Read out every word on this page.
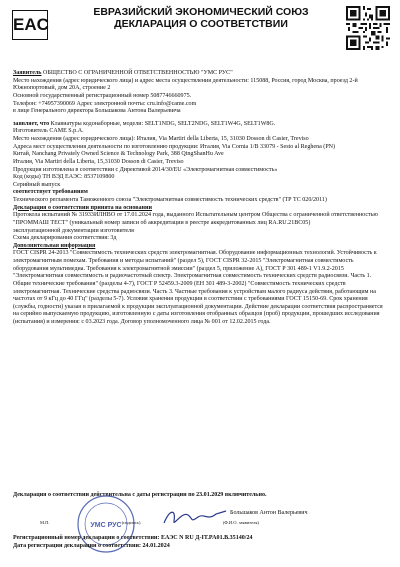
EAC
ЕВРАЗИЙСКИЙ ЭКОНОМИЧЕСКИЙ СОЮЗ
ДЕКЛАРАЦИЯ О СООТВЕТСТВИИ

Заявитель ОБЩЕСТВО С ОГРАНИЧЕННОЙ ОТВЕТСТВЕННОСТЬЮ "УМС РУС"

Место нахождения (адрес юридического лица) и адрес места осуществления деятельности: 115088, Россия, город Москва, проезд 2-й Южнопортовый, дом 20А, строение 2

Основной государственный регистрационный номер 5087746660975.

Телефон: +74957390069 Адрес электронной почты: cru.info@came.com

в лице Генерального директора Большакова Антона Валерьевича

заявляет, что Клавиатуры кодонаборные, модели: SELT1NDG, SELT2NDG, SELT1W4G, SELT1W8G.

Изготовитель CAME S.p.A.

Место нахождения (адрес юридического лица): Италия, Via Martiri della Liberta, 15, 31030 Dosson di Casier, Treviso

Адреса мест осуществления деятельности по изготовлению продукции: Италия, Via Cornia 1/B 33079 - Sesto al Reghena (PN)

Китай, Nanchang Privately Owned Science & Technology Park, 388 QingShanHu Ave

Италия, Via Martiri della Liberta, 15,31030 Dosson di Casier, Treviso

Продукция изготовлена в соответствии с Директивой 2014/30/EU «Электромагнитная совместимость»

Код (коды) ТН ВЭД ЕАЭС: 8537109800

Серийный выпуск

соответствует требованиям

Технического регламента Таможенного союза "Электромагнитная совместимость технических средств" (ТР ТС 020/2011)

Декларация о соответствии принята на основании

Протокола испытаний № 31933ИЛНВО от 17.01.2024 года, выданного Испытательным центром Общества с ограниченной ответственностью "ПРОММАШ ТЕСТ" (уникальный номер записи об аккредитации в реестре аккредитованных лиц RA.RU.21ВС05)

эксплуатационной документации изготовителя

Схема декларирования соответствия: 3д

Дополнительная информация

ГОСТ CISPR 24-2013 "Совместимость технических средств электромагнитная. Оборудование информационных технологий. Устойчивость к электромагнитным помехам. Требования и методы испытаний" (раздел 5), ГОСТ CISPR 32-2015 "Электромагнитная совместимость оборудования мультимедиа. Требования к электромагнитной эмиссии" (раздел 5, приложение А), ГОСТ Р 301 489-1 V1.9.2-2015 "Электромагнитная совместимость и радиочастотный спектр. Электромагнитная совместимость технических средств радиосвязи. Часть 1. Общие технические требования" (разделы 4-7), ГОСТ Р 52459.3-2009 (ЕН 301 489-3-2002) "Совместимость технических средств электромагнитная. Технические средства радиосвязи. Часть 3. Частные требования к устройствам малого радиуса действия, работающим на частотах от 9 кГц до 40 ГГц" (разделы 5-7). Условия хранения продукции в соответствии с требованиями ГОСТ 15150-69. Срок хранения (службы, годности) указан в прилагаемой к продукции эксплуатационной документации. Действие декларации соответствия распространяется на серийно выпускаемую продукцию, изготовленную с даты изготовления отобранных образцов (проб) продукции, прошедших исследования (испытания) и измерения: с 03.2023 года. Договор уполномоченного лица № 001 от 12.02.2015 года.

Декларация о соответствии действительна с даты регистрации по 23.01.2029 включительно.

УМС РУС

Большаков Антон Валерьевич

М.П.	(подпись)	(Ф.И.О. заявителя)

Регистрационный номер декларации о соответствии: ЕАЭС N RU Д-IT.PA01.B.35140/24

Дата регистрации декларации о соответствии: 24.01.2024
